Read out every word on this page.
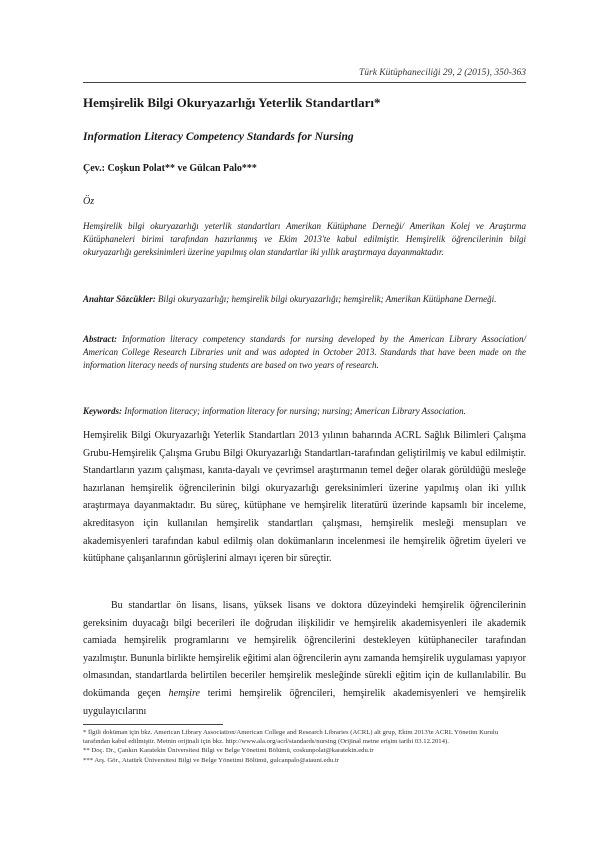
Türk Kütüphaneciliği 29, 2 (2015), 350-363
Hemşirelik Bilgi Okuryazarlığı Yeterlik Standartları*
Information Literacy Competency Standards for Nursing
Çev.: Coşkun Polat** ve Gülcan Palo***
Öz
Hemşirelik bilgi okuryazarlığı yeterlik standartları Amerikan Kütüphane Derneği/ Amerikan Kolej ve Araştırma Kütüphaneleri birimi tarafından hazırlanmış ve Ekim 2013'te kabul edilmiştir. Hemşirelik öğrencilerinin bilgi okuryazarlığı gereksinimleri üzerine yapılmış olan standartlar iki yıllık araştırmaya dayanmaktadır.
Anahtar Sözcükler: Bilgi okuryazarlığı; hemşirelik bilgi okuryazarlığı; hemşirelik; Amerikan Kütüphane Derneği.
Abstract: Information literacy competency standards for nursing developed by the American Library Association/ American College Research Libraries unit and was adopted in October 2013. Standards that have been made on the information literacy needs of nursing students are based on two years of research.
Keywords: Information literacy; information literacy for nursing; nursing; American Library Association.

Hemşirelik Bilgi Okuryazarlığı Yeterlik Standartları 2013 yılının baharında ACRL Sağlık Bilimleri Çalışma Grubu-Hemşirelik Çalışma Grubu Bilgi Okuryazarlığı Standartları-tarafından geliştirilmiş ve kabul edilmiştir. Standartların yazım çalışması, kanıta-dayalı ve çevrimsel araştırmanın temel değer olarak görüldüğü mesleğe hazırlanan hemşirelik öğrencilerinin bilgi okuryazarlığı gereksinimleri üzerine yapılmış olan iki yıllık araştırmaya dayanmaktadır. Bu süreç, kütüphane ve hemşirelik literatürü üzerinde kapsamlı bir inceleme, akreditasyon için kullanılan hemşirelik standartları çalışması, hemşirelik mesleği mensupları ve akademisyenleri tarafından kabul edilmiş olan dokümanların incelenmesi ile hemşirelik öğretim üyeleri ve kütüphane çalışanlarının görüşlerini almayı içeren bir süreçtir.

Bu standartlar ön lisans, lisans, yüksek lisans ve doktora düzeyindeki hemşirelik öğrencilerinin gereksinim duyacağı bilgi becerileri ile doğrudan ilişkilidir ve hemşirelik akademisyenleri ile akademik camiada hemşirelik programlarını ve hemşirelik öğrencilerini destekleyen kütüphaneciler tarafından yazılmıştır. Bununla birlikte hemşirelik eğitimi alan öğrencilerin aynı zamanda hemşirelik uygulaması yapıyor olmasından, standartlarda belirtilen beceriler hemşirelik mesleğinde sürekli eğitim için de kullanılabilir. Bu dokümanda geçen hemşire terimi hemşirelik öğrencileri, hemşirelik akademisyenleri ve hemşirelik uygulayıcılarını

* İlgili doküman için bkz. American Library Association/American College and Research Libraries (ACRL) alt grup, Ekim 2013'te ACRL Yönetim Kurulu tarafından kabul edilmiştir. Metnin orijinali için bkz. http://www.ala.org/acrl/standards/nursing (Orijinal metne erişim tarihi 03.12.2014).

** Doç. Dr., Çankırı Karatekin Üniversitesi Bilgi ve Belge Yönetimi Bölümü, coskunpolat@karatekin.edu.tr

*** Arş. Gör., Atatürk Üniversitesi Bilgi ve Belge Yönetimi Bölümü, gulcanpalo@atauni.edu.tr
